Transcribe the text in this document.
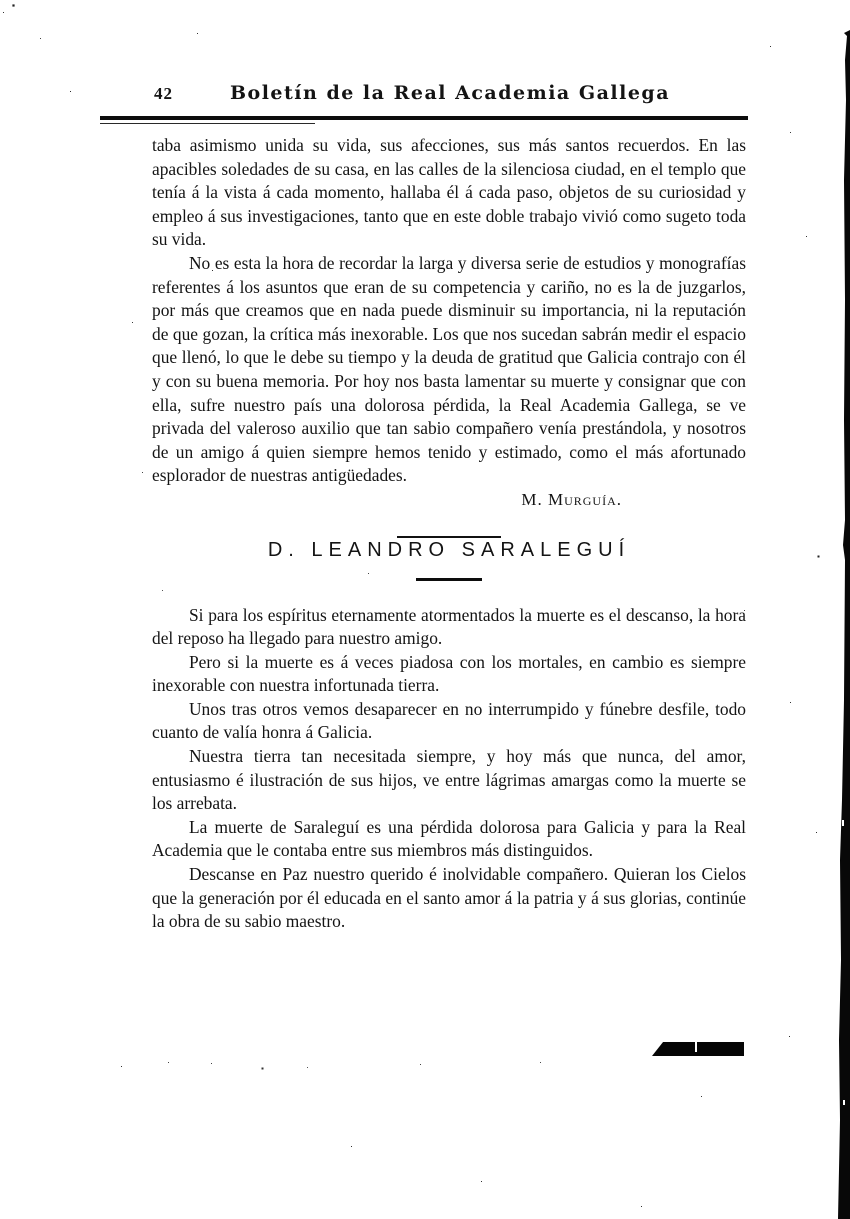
42	Boletín de la Real Academia Gallega

taba asimismo unida su vida, sus afecciones, sus más santos recuerdos. En las apacibles soledades de su casa, en las calles de la silenciosa ciudad, en el templo que tenía á la vista á cada momento, hallaba él á cada paso, objetos de su curiosidad y empleo á sus investigaciones, tanto que en este doble trabajo vivió como sugeto toda su vida.

No es esta la hora de recordar la larga y diversa serie de estudios y monografías referentes á los asuntos que eran de su competencia y cariño, no es la de juzgarlos, por más que creamos que en nada puede disminuir su importancia, ni la reputación de que gozan, la crítica más inexorable. Los que nos sucedan sabrán medir el espacio que llenó, lo que le debe su tiempo y la deuda de gratitud que Galicia contrajo con él y con su buena memoria. Por hoy nos basta lamentar su muerte y consignar que con ella, sufre nuestro país una dolorosa pérdida, la Real Academia Gallega, se ve privada del valeroso auxilio que tan sabio compañero venía prestándola, y nosotros de un amigo á quien siempre hemos tenido y estimado, como el más afortunado esplorador de nuestras antigüedades.

M. Murguía.

D. LEANDRO SARALEGUÍ

Si para los espíritus eternamente atormentados la muerte es el descanso, la hora del reposo ha llegado para nuestro amigo.

Pero si la muerte es á veces piadosa con los mortales, en cambio es siempre inexorable con nuestra infortunada tierra.

Unos tras otros vemos desaparecer en no interrumpido y fúnebre desfile, todo cuanto de valía honra á Galicia.

Nuestra tierra tan necesitada siempre, y hoy más que nunca, del amor, entusiasmo é ilustración de sus hijos, ve entre lágrimas amargas como la muerte se los arrebata.

La muerte de Saraleguí es una pérdida dolorosa para Galicia y para la Real Academia que le contaba entre sus miembros más distinguidos.

Descanse en Paz nuestro querido é inolvidable compañero. Quieran los Cielos que la generación por él educada en el santo amor á la patria y á sus glorias, continúe la obra de su sabio maestro.
